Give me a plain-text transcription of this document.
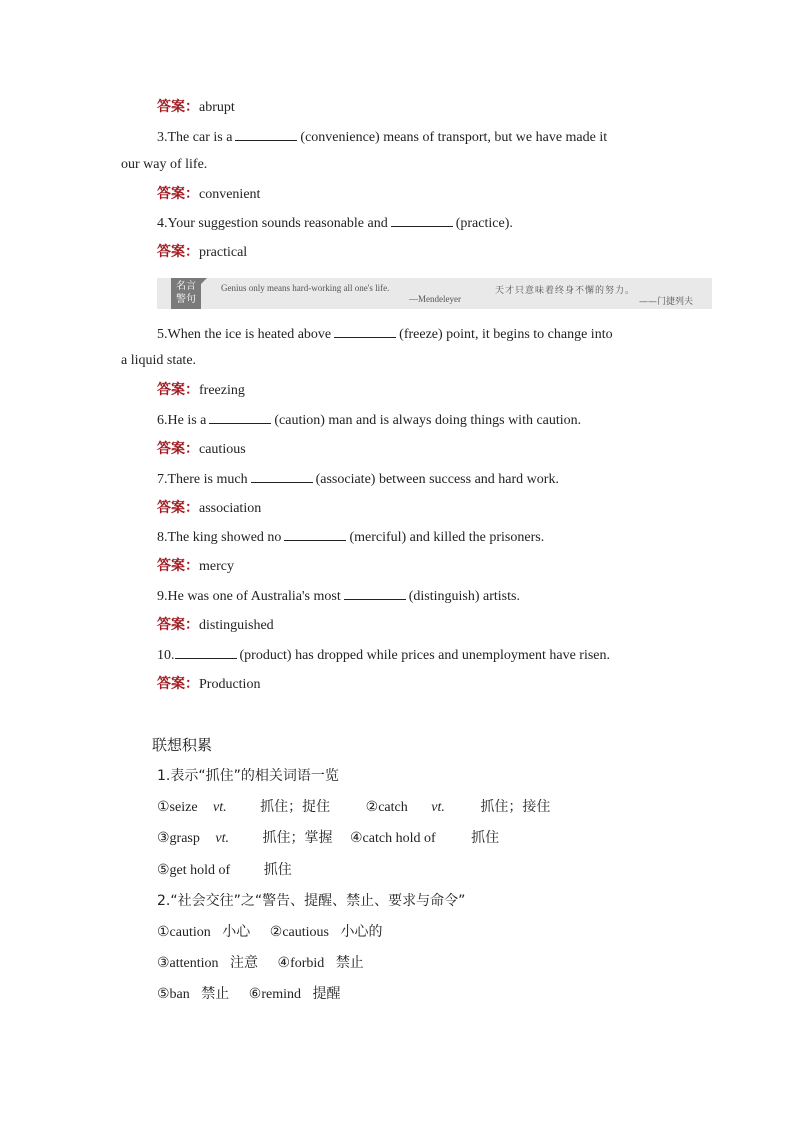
答案：abrupt
3.The car is a	(convenience) means of transport, but we have made it
our way of life.
答案：convenient
4.Your suggestion sounds reasonable and	(practice).
答案：practical
名言
警句
Genius only means hard-working all one's life.
—Mendeleyer
天才只意味着终身不懈的努力。
——门捷列夫
5.When the ice is heated above	(freeze) point, it begins to change into
a liquid state.
答案：freezing
6.He is a	(caution) man and is always doing things with caution.
答案：cautious
7.There is much	(associate) between success and hard work.
答案：association
8.The king showed no	(merciful) and killed the prisoners.
答案：mercy
9.He was one of Australia's most	(distinguish) artists.
答案：distinguished
10.	(product) has dropped while prices and unemployment have risen.
答案：Production
联想积累
1.表示“抓住”的相关词语一览
①seize vt. 抓住；捉住	②catch vt.	抓住；接住
③grasp vt. 抓住；掌握 ④catch hold of	抓住
⑤get hold of 抓住
2.“社会交往”之“警告、提醒、禁止、要求与命令”
①caution 小心 ②cautious 小心的
③attention 注意 ④forbid 禁止
⑤ban 禁止 ⑥remind 提醒
